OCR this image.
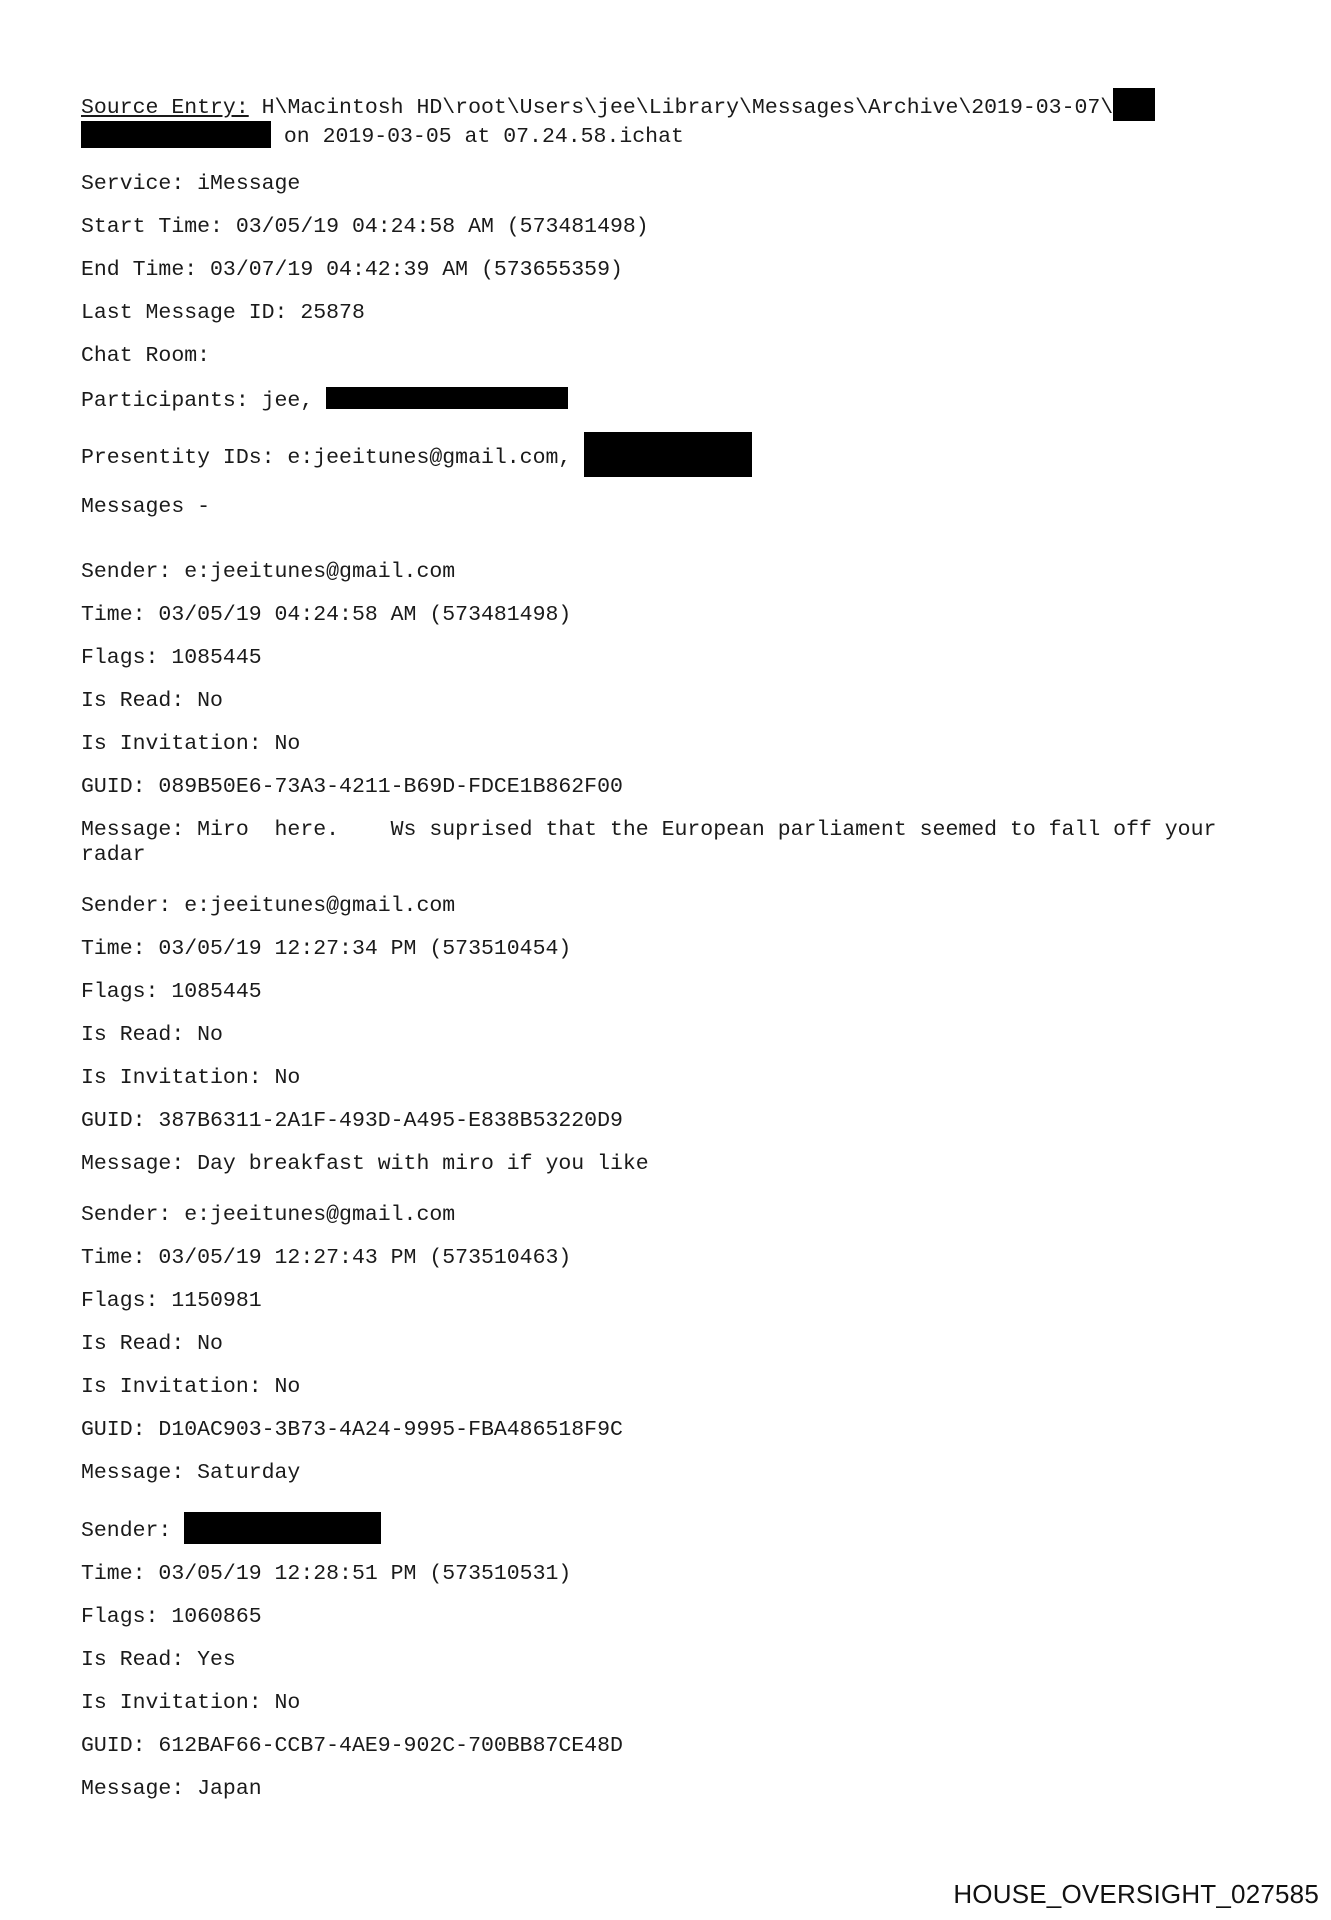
Source Entry: H\Macintosh HD\root\Users\jee\Library\Messages\Archive\2019-03-07\
on 2019-03-05 at 07.24.58.ichat
Service: iMessage
Start Time: 03/05/19 04:24:58 AM (573481498)
End Time: 03/07/19 04:42:39 AM (573655359)
Last Message ID: 25878
Chat Room:
Participants: jee,
Presentity IDs: e:jeeitunes@gmail.com,
Messages -
Sender: e:jeeitunes@gmail.com
Time: 03/05/19 04:24:58 AM (573481498)
Flags: 1085445
Is Read: No
Is Invitation: No
GUID: 089B50E6-73A3-4211-B69D-FDCE1B862F00
Message: Miro  here.    Ws suprised that the European parliament seemed to fall off your radar
Sender: e:jeeitunes@gmail.com
Time: 03/05/19 12:27:34 PM (573510454)
Flags: 1085445
Is Read: No
Is Invitation: No
GUID: 387B6311-2A1F-493D-A495-E838B53220D9
Message: Day breakfast with miro if you like
Sender: e:jeeitunes@gmail.com
Time: 03/05/19 12:27:43 PM (573510463)
Flags: 1150981
Is Read: No
Is Invitation: No
GUID: D10AC903-3B73-4A24-9995-FBA486518F9C
Message: Saturday
Sender:
Time: 03/05/19 12:28:51 PM (573510531)
Flags: 1060865
Is Read: Yes
Is Invitation: No
GUID: 612BAF66-CCB7-4AE9-902C-700BB87CE48D
Message: Japan
HOUSE_OVERSIGHT_027585
